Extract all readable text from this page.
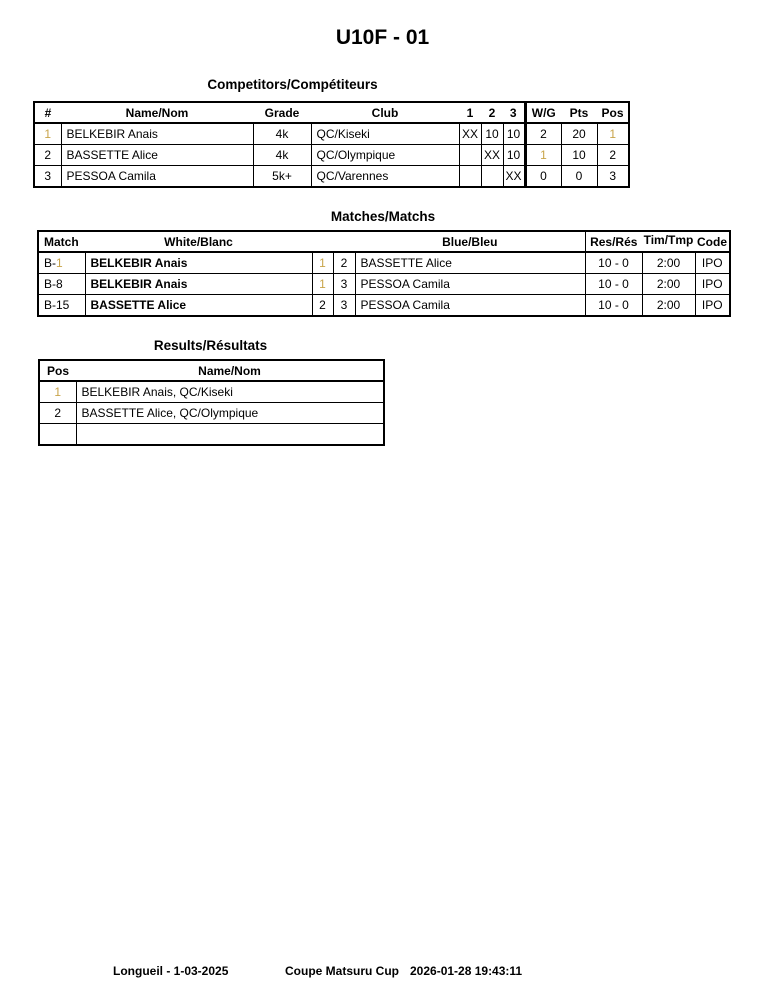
U10F - 01
Competitors/Compétiteurs
#	Name/Nom	Grade	Club	1	2	3	W/G	Pts	Pos
1	BELKEBIR Anais	4k	QC/Kiseki	XX	10	10	2	20	1
2	BASSETTE Alice	4k	QC/Olympique		XX	10	1	10	2
3	PESSOA Camila	5k+	QC/Varennes			XX	0	0	3
Matches/Matchs
Match	White/Blanc			Blue/Bleu	Res/Rés	Tim/Tmp	Code
B-1	BELKEBIR Anais	1	2	BASSETTE Alice	10 - 0	2:00	IPO
B-8	BELKEBIR Anais	1	3	PESSOA Camila	10 - 0	2:00	IPO
B-15	BASSETTE Alice	2	3	PESSOA Camila	10 - 0	2:00	IPO
Results/Résultats
Pos	Name/Nom
1	BELKEBIR Anais, QC/Kiseki
2	BASSETTE Alice, QC/Olympique

Longueil - 1-03-2025	Coupe Matsuru Cup 2026-01-28 19:43:11
